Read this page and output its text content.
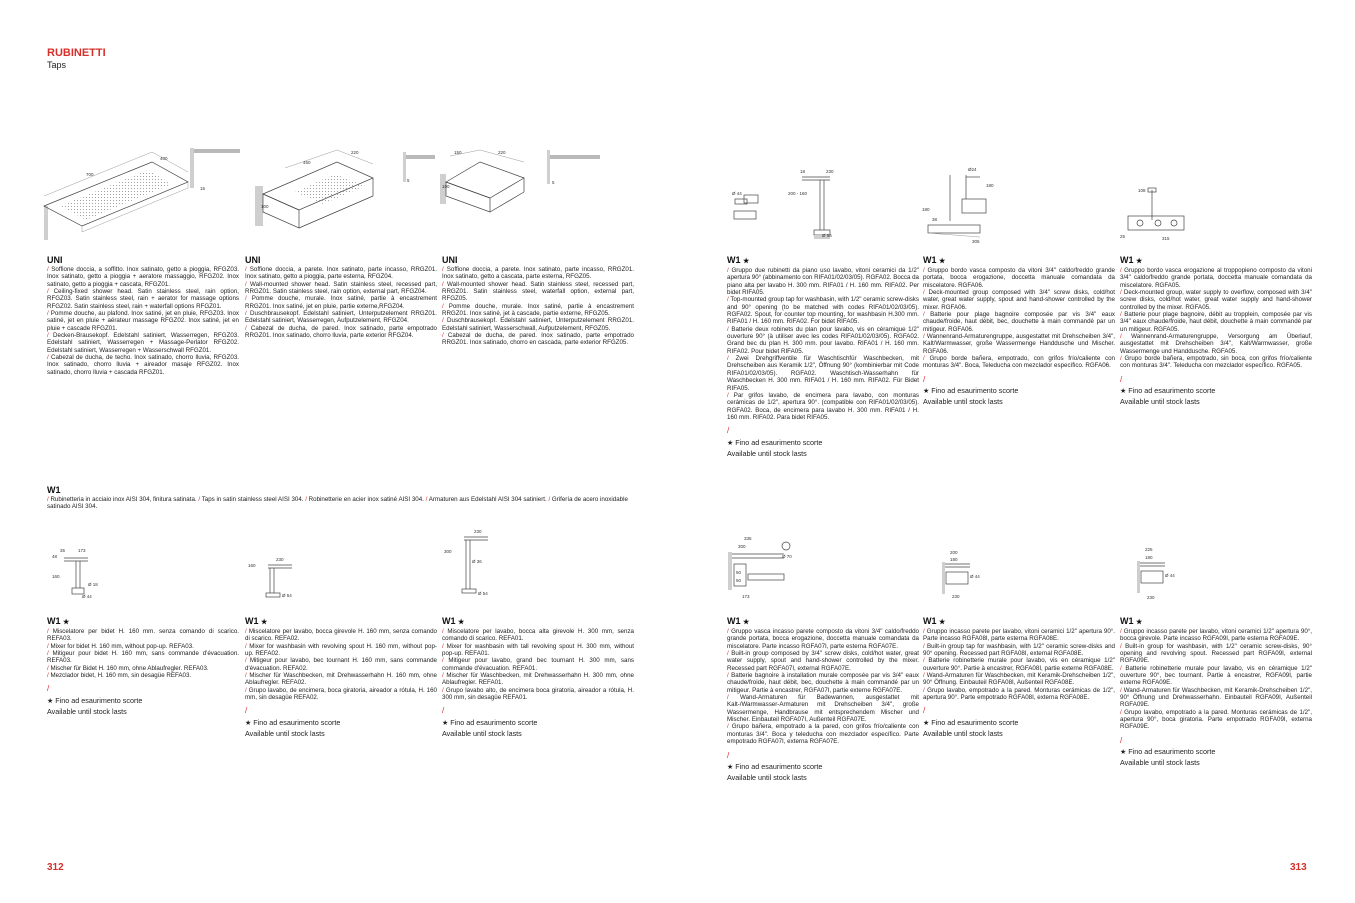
RUBINETTI
Taps
700
400
15
450
220
100
5
150	220
100
5
Ø 44
18	230
200 - 160
Ø 56
Ø24
180
180
38
305
108
25	315
UNI
/ Soffione doccia, a soffitto. Inox satinato, getto a pioggia, RFGZ03. Inox satinato, getto a pioggia + aeratore massaggio, RFGZ02. Inox satinato, getto a pioggia + cascata, RFGZ01.
/ Ceiling-fixed shower head. Satin stainless steel, rain option, RFGZ03. Satin stainless steel, rain + aerator for massage options RFGZ02. Satin stainless steel, rain + waterfall options RFGZ01.
/ Pomme douche, au plafond. Inox satiné, jet en pluie, RFGZ03. Inox satiné, jet en pluie + aérateur massage RFGZ02. Inox satiné, jet en pluie + cascade RFGZ01.
/ Decken-Brausekopf. Edelstahl satiniert, Wasserregen, RFGZ03. Edelstahl satiniert, Wasserregen + Massage-Perlator RFGZ02. Edelstahl satiniert, Wasserregen + Wasserschwall RFGZ01.
/ Cabezal de ducha, de techo. Inox satinado, chorro lluvia, RFGZ03. Inox satinado, chorro lluvia + aireador masaje RFGZ02. Inox satinado, chorro lluvia + cascada RFGZ01.
UNI
/ Soffione doccia, a parete. Inox satinato, parte incasso, RRGZ01. Inox satinato, getto a pioggia, parte esterna, RFGZ04.
/ Wall-mounted shower head. Satin stainless steel, recessed part, RRGZ01. Satin stainless steel, rain option, external part, RFGZ04.
/ Pomme douche, murale. Inox satiné, partie à encastrement RRGZ01. Inox satiné, jet en pluie, partie externe,RFGZ04.
/ Duschbrausekopf. Edelstahl satiniert, Unterputzelement RRGZ01. Edelstahl satiniert, Wasserregen, Aufputzelement, RFGZ04.
/ Cabezal de ducha, de pared. Inox satinado, parte empotrado RRGZ01. Inox satinado, chorro lluvia, parte exterior RFGZ04.
UNI
/ Soffione doccia, a parete. Inox satinato, parte incasso, RRGZ01. Inox satinato, getto a cascata, parte esterna, RFGZ05.
/ Wall-mounted shower head. Satin stainless steel, recessed part, RRGZ01. Satin stainless steel, waterfall option, external part, RFGZ05.
/ Pomme douche, murale. Inox satiné, partie à encastrement RRGZ01. Inox satiné, jet à cascade, partie externe, RFGZ05.
/ Duschbrausekopf. Edelstahl satiniert, Unterputzelement RRGZ01. Edelstahl satiniert, Wasserschwall, Aufputzelement, RFGZ05.
/ Cabezal de ducha, de pared. Inox satinado, parte empotrado RRGZ01. Inox satinado, chorro en cascada, parte exterior RFGZ05.
W1 ★
/ Gruppo due rubinetti da piano uso lavabo, vitoni ceramici da 1/2" apertura 90° (abbinamento con RIFA01/02/03/05). RGFA02. Bocca da piano alta per lavabo H. 300 mm. RIFA01 / H. 160 mm. RIFA02. Per bidet RIFA05.
/ Top-mounted group tap for washbasin, with 1/2" ceramic screw-disks and 90° opening (to be matched with codes RIFA01/02/03/05). RGFA02. Spout, for counter top mounting, for washbasin H.300 mm. RIFA01 / H. 160 mm. RIFA02. For bidet RIFA05.
/ Batterie deux robinets du plan pour lavabo, vis en céramique 1/2" ouverture 90° (à utiliser avec les codes RIFA01/02/03/05). RGFA02. Grand bec du plan H. 300 mm. pour lavabo. RIFA01 / H. 160 mm. RIFA02. Pour bidet RIFA05.
/ Zwei Drehgriffventile für Waschtischfür Waschbecken, mit Drehscheiben aus Keramik 1/2", Öffnung 90° (kombinierbar mit Code RIFA01/02/03/05). RGFA02. Waschtisch-Wasserhahn für Waschbecken H. 300 mm. RIFA01 / H. 160 mm. RIFA02. Für Bidet RIFA05.
/ Par grifos lavabo, de encimera para lavabo, con monturas cerámicas de 1/2", apertura 90°. (compatible con RIFA01/02/03/05). RGFA02. Boca, de encimera para lavabo H. 300 mm. RIFA01 / H. 160 mm. RIFA02. Para bidet RIFA05.
/
★ Fino ad esaurimento scorte
Available until stock lasts
W1 ★
/ Gruppo bordo vasca composto da vitoni 3/4" caldo/freddo grande portata, bocca erogazione, doccetta manuale comandata da miscelatore. RGFA06.
/ Deck-mounted group composed with 3/4" screw disks, cold/hot water, great water supply, spout and hand-shower controlled by the mixer. RGFA06.
/ Batterie pour plage bagnoire composée par vis 3/4" eaux chaude/froide, haut débit, bec, douchette à main commandé par un mitigeur. RGFA06.
/ Wannenrand-Armaturengruppe, ausgestattet mit Drehscheiben 3/4", Kalt/Warmwasser, große Wassermenge Handdusche und Mischer. RGFA06.
/ Grupo borde bañera, empotrado, con grifos frío/caliente con monturas 3/4". Boca, Teleducha con mezclador específico. RGFA06.
/
★ Fino ad esaurimento scorte
Available until stock lasts
W1 ★
/ Gruppo bordo vasca erogazione al troppopieno composto da vitoni 3/4" caldo/freddo grande portata, doccetta manuale comandata da miscelatore. RGFA05.
/ Deck-mounted group, water supply to overflow, composed with 3/4" screw disks, cold/hot water, great water supply and hand-shower controlled by the mixer. RGFA05.
/ Batterie pour plage bagnoire, débit au tropplein, composée par vis 3/4" eaux chaude/froide, haut débit, douchette à main commandé par un mitigeur. RGFA05.
/ Wannenrand-Armaturengruppe, Versorgung am Überlauf, ausgestattet mit Drehscheiben 3/4", Kalt/Warmwasser, große Wassermenge und Handdusche. RGFA05.
/ Grupo borde bañera, empotrado, sin boca, con grifos frío/caliente con monturas 3/4". Teleducha con mezclador específico. RGFA05.
/
★ Fino ad esaurimento scorte
Available until stock lasts
W1
/ Rubinetteria in acciaio inox AISI 304, finitura satinata. / Taps in satin stainless steel AISI 304. / Robinetterie en acier inox satiné AISI 304. / Armaturen aus Edelstahl AISI 304 satiniert. / Grifería de acero inoxidable satinado AISI 304.
48
35	173
160
Ø 18
Ø 44
230
160
Ø 54
230
300
Ø 36
Ø 54
335
300
Ø 70
50
50
173
200
180
Ø 44
230
225
180
Ø 44
230
W1 ★
/ Miscelatore per bidet H. 160 mm. senza comando di scarico. REFA03.
/ Mixer for bidet H. 160 mm, without pop-up. REFA03.
/ Mitigeur pour bidet H. 160 mm, sans commande d'évacuation. REFA03.
/ Mischer für Bidet H. 160 mm, ohne Ablaufregler. REFA03.
/ Mezclador bidet, H. 160 mm, sin desagüe REFA03.
/
★ Fino ad esaurimento scorte
Available until stock lasts
W1 ★
/ Miscelatore per lavabo, bocca girevole H. 160 mm, senza comando di scarico. REFA02.
/ Mixer for washbasin with revolving spout H. 160 mm, without pop-up. REFA02.
/ Mitigeur pour lavabo, bec tournant H. 160 mm, sans commande d'évacuation. REFA02.
/ Mischer für Waschbecken, mit Drehwasserhahn H. 160 mm, ohne Ablaufregler. REFA02.
/ Grupo lavabo, de encimera, boca giratoria, aireador a rótula, H. 160 mm, sin desagüe REFA02.
/
★ Fino ad esaurimento scorte
Available until stock lasts
W1 ★
/ Miscelatore per lavabo, bocca alta girevole H. 300 mm, senza comando di scarico. REFA01.
/ Mixer for washbasin with tall revolving spout H. 300 mm, without pop-up. REFA01.
/ Mitigeur pour lavabo, grand bec tournant H. 300 mm, sans commande d'évacuation. REFA01.
/ Mischer für Waschbecken, mit Drehwasserhahn H. 300 mm, ohne Ablaufregler. REFA01.
/ Grupo lavabo alto, de encimera boca giratoria, aireador a rótula, H. 300 mm, sin desagüe REFA01.
/
★ Fino ad esaurimento scorte
Available until stock lasts
W1 ★
/ Gruppo vasca incasso parete composto da vitoni 3/4" caldo/freddo grande portata, bocca erogazione, doccetta manuale comandata da miscelatore. Parte incasso RGFA07I, parte esterna RGFA07E.
/ Built-in group composed by 3/4" screw disks, cold/hot water, great water supply, spout and hand-shower controlled by the mixer. Recessed part RGFA07I, external RGFA07E.
/ Batterie bagnoire à installation murale composée par vis 3/4" eaux chaude/froide, haut débit, bec, douchette à main commandé par un mitigeur. Partie à encastrer, RGFA07I, partie externe RGFA07E.
/ Wand-Armaturen für Badewannen, ausgestattet mit Kalt-/Warmwasser-Armaturen mit Drehscheiben 3/4", große Wassermenge, Handbrause mit entsprechendem Mischer und Mischer. Einbauteil RGFA07I, Außenteil RGFA07E.
/ Grupo bañera, empotrado a la pared, con grifos frío/caliente con monturas 3/4". Boca y teleducha con mezclador específico. Parte empotrado RGFA07I, externa RGFA07E.
/
★ Fino ad esaurimento scorte
Available until stock lasts
W1 ★
/ Gruppo incasso parete per lavabo, vitoni ceramici 1/2" apertura 90°. Parte incasso RGFA08I, parte esterna RGFA08E.
/ Built-in group tap for washbasin, with 1/2" ceramic screw-disks and 90° opening. Recessed part RGFA08I, external RGFA08E.
/ Batterie robinetterie murale pour lavabo, vis en céramique 1/2" ouverture 90°. Partie à encastrer, RGFA08I, partie externe RGFA08E.
/ Wand-Armaturen für Waschbecken, mit Keramik-Drehscheiben 1/2", 90° Öffnung. Einbauteil RGFA08I, Außenteil RGFA08E.
/ Grupo lavabo, empotrado a la pared. Monturas cerámicas de 1/2", apertura 90°. Parte empotrado RGFA08I, externa RGFA08E.
/
★ Fino ad esaurimento scorte
Available until stock lasts
W1 ★
/ Gruppo incasso parete per lavabo, vitoni ceramici 1/2" apertura 90°, bocca girevole. Parte incasso RGFA09I, parte esterna RGFA09E.
/ Built-in group for washbasin, with 1/2" ceramic screw-disks, 90° opening and revolving spout. Recessed part RGFA09I, external RGFA09E.
/ Batterie robinetterie murale pour lavabo, vis en céramique 1/2" ouverture 90°, bec tournant. Partie à encastrer, RGFA09I, partie externe RGFA09E.
/ Wand-Armaturen für Waschbecken, mit Keramik-Drehscheiben 1/2", 90° Öffnung und Drehwasserhahn. Einbauteil RGFA09I, Außenteil RGFA09E.
/ Grupo lavabo, empotrado a la pared. Monturas cerámicas de 1/2", apertura 90°, boca giratoria. Parte empotrado RGFA09I, externa RGFA09E.
/
★ Fino ad esaurimento scorte
Available until stock lasts
312	313
